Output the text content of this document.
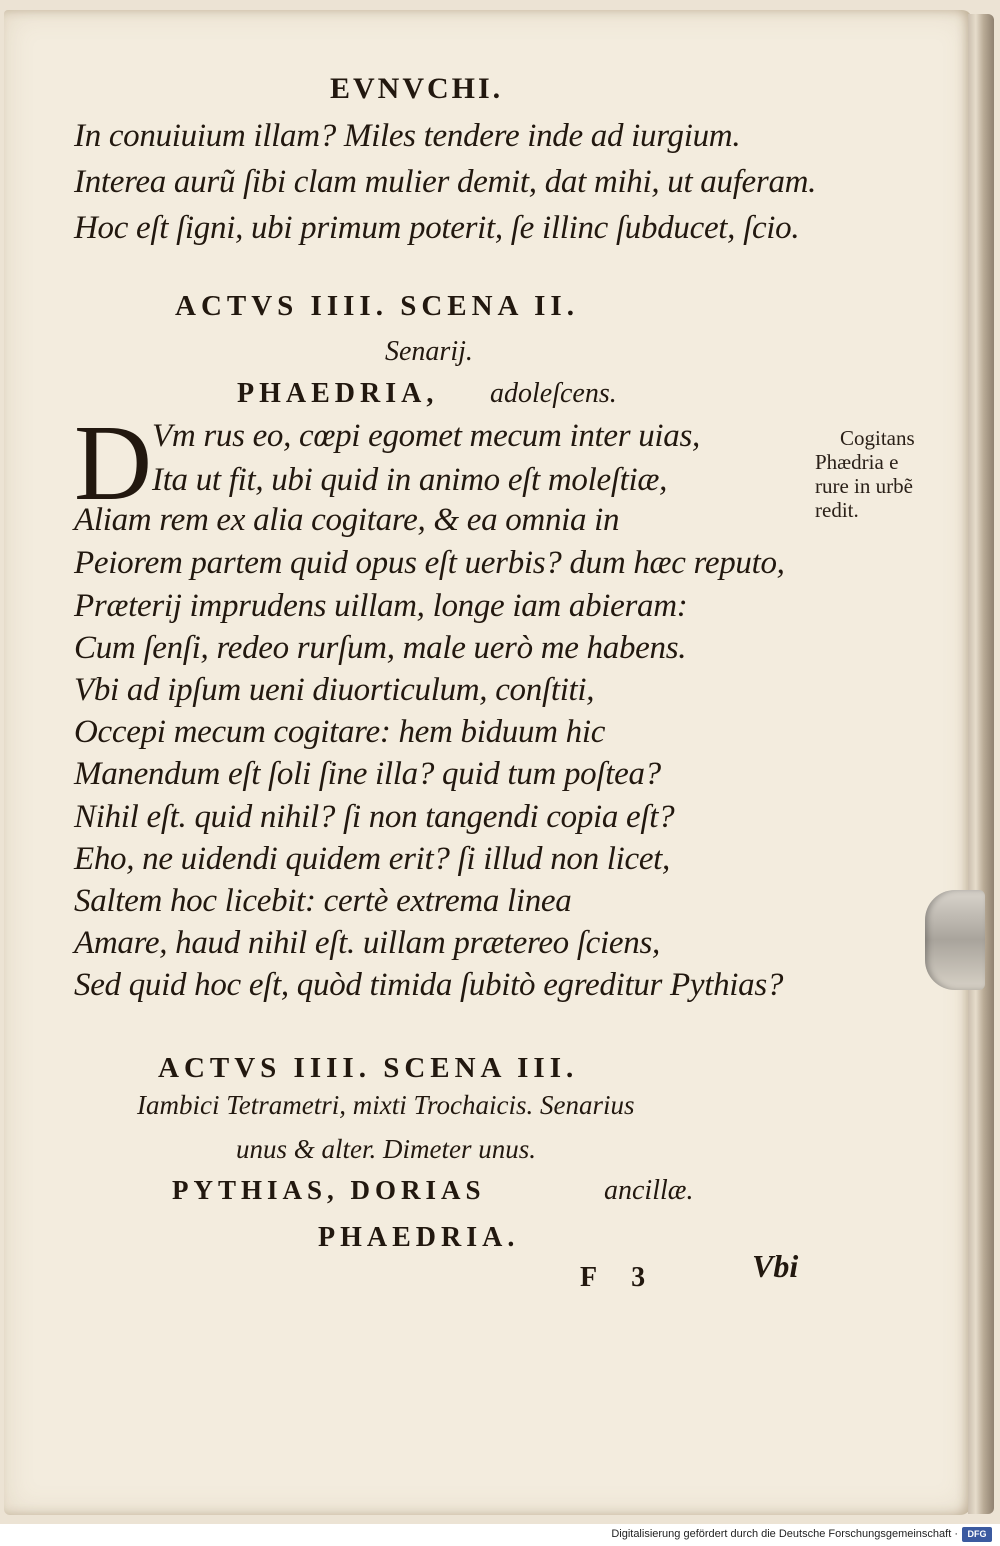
EVNVCHI.
In conuiuium illam? Miles tendere inde ad iurgium.
Interea aurũ ſibi clam mulier demit, dat mihi, ut auferam.
Hoc eſt ſigni, ubi primum poterit, ſe illinc ſubducet, ſcio.
ACTVS IIII. SCENA II.
Senarij.
PHAEDRIA, adoleſcens.
D Vm rus eo, cœpi egomet mecum inter uias,
Ita ut fit, ubi quid in animo eſt moleſtiæ,
Aliam rem ex alia cogitare, & ea omnia in
Peiorem partem quid opus eſt uerbis? dum hæc reputo,
Præterij imprudens uillam, longe iam abieram:
Cum ſenſi, redeo rurſum, male uerò me habens.
Vbi ad ipſum ueni diuorticulum, conſtiti,
Occepi mecum cogitare: hem biduum hic
Manendum eſt ſoli ſine illa? quid tum poſtea?
Nihil eſt. quid nihil? ſi non tangendi copia eſt?
Eho, ne uidendi quidem erit? ſi illud non licet,
Saltem hoc licebit: certè extrema linea
Amare, haud nihil eſt. uillam prætereo ſciens,
Sed quid hoc eſt, quòd timida ſubitò egreditur Pythias?
Cogitans
Phædria e
rure in urbẽ
redit.
ACTVS IIII. SCENA III.
Iambici Tetrametri, mixti Trochaicis. Senarius
unus & alter. Dimeter unus.
PYTHIAS, DORIAS	ancillæ.
PHAEDRIA.
F 3	Vbi
Digitalisierung gefördert durch die Deutsche Forschungsgemeinschaft ·	DFG
